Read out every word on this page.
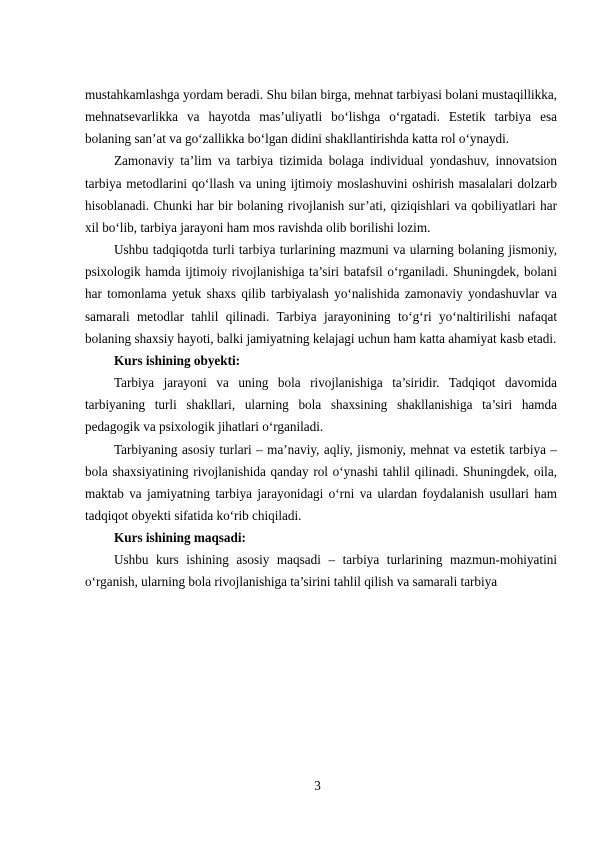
mustahkamlashga yordam beradi. Shu bilan birga, mehnat tarbiyasi bolani mustaqillikka, mehnatsevarlikka va hayotda mas’uliyatli bo‘lishga o‘rgatadi. Estetik tarbiya esa bolaning san’at va go‘zallikka bo‘lgan didini shakllantirishda katta rol o‘ynaydi.

Zamonaviy ta’lim va tarbiya tizimida bolaga individual yondashuv, innovatsion tarbiya metodlarini qo‘llash va uning ijtimoiy moslashuvini oshirish masalalari dolzarb hisoblanadi. Chunki har bir bolaning rivojlanish sur’ati, qiziqishlari va qobiliyatlari har xil bo‘lib, tarbiya jarayoni ham mos ravishda olib borilishi lozim.

Ushbu tadqiqotda turli tarbiya turlarining mazmuni va ularning bolaning jismoniy, psixologik hamda ijtimoiy rivojlanishiga ta’siri batafsil o‘rganiladi. Shuningdek, bolani har tomonlama yetuk shaxs qilib tarbiyalash yo‘nalishida zamonaviy yondashuvlar va samarali metodlar tahlil qilinadi. Tarbiya jarayonining to‘g‘ri yo‘naltirilishi nafaqat bolaning shaxsiy hayoti, balki jamiyatning kelajagi uchun ham katta ahamiyat kasb etadi.

Kurs ishining obyekti:

Tarbiya jarayoni va uning bola rivojlanishiga ta’siridir. Tadqiqot davomida tarbiyaning turli shakllari, ularning bola shaxsining shakllanishiga ta’siri hamda pedagogik va psixologik jihatlari o‘rganiladi.

Tarbiyaning asosiy turlari – ma’naviy, aqliy, jismoniy, mehnat va estetik tarbiya – bola shaxsiyatining rivojlanishida qanday rol o‘ynashi tahlil qilinadi. Shuningdek, oila, maktab va jamiyatning tarbiya jarayonidagi o‘rni va ulardan foydalanish usullari ham tadqiqot obyekti sifatida ko‘rib chiqiladi.

Kurs ishining maqsadi:

Ushbu kurs ishining asosiy maqsadi – tarbiya turlarining mazmun-mohiyatini o‘rganish, ularning bola rivojlanishiga ta’sirini tahlil qilish va samarali tarbiya

3
